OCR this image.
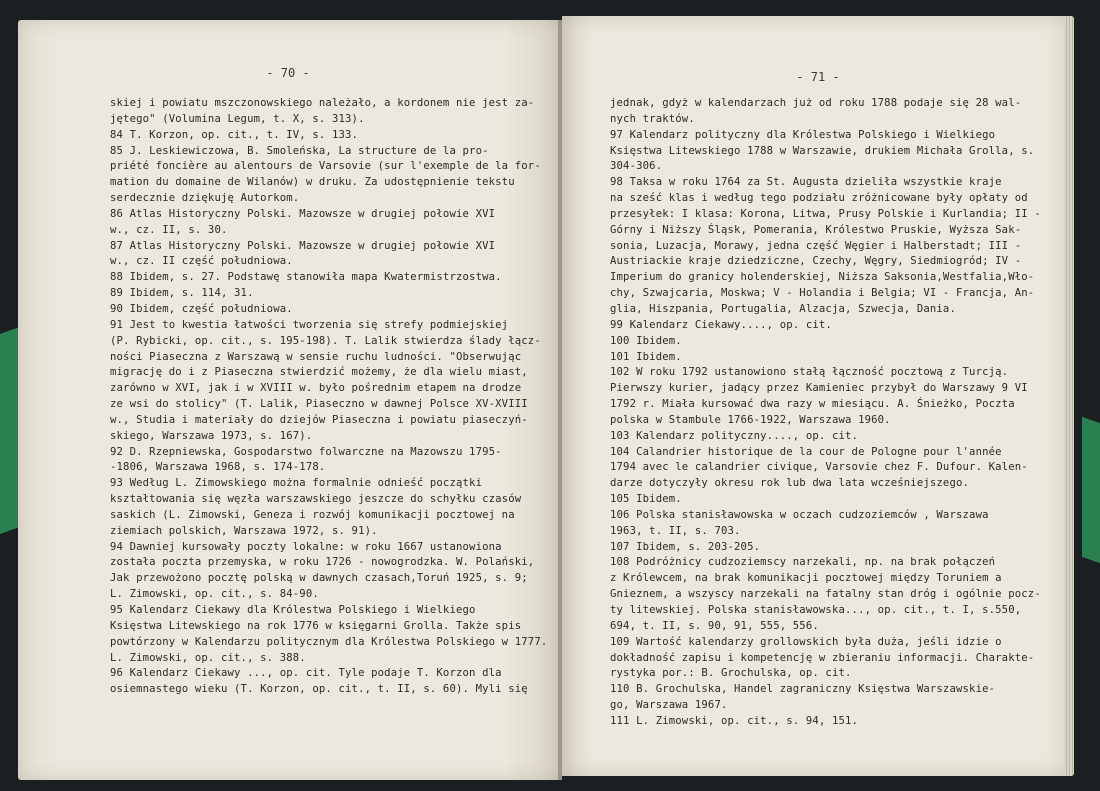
- 70 -
skiej i powiatu mszczonowskiego należało, a kordonem nie jest za-
jętego" (Volumina Legum, t. X, s. 313).
84 T. Korzon, op. cit., t. IV, s. 133.
85 J. Leskiewiczowa, B. Smoleńska, La structure de la pro-
priété foncière au alentours de Varsovie (sur l'exemple de la for-
mation du domaine de Wilanów) w druku. Za udostępnienie tekstu
serdecznie dziękuję Autorkom.
86 Atlas Historyczny Polski. Mazowsze w drugiej połowie XVI
w., cz. II, s. 30.
87 Atlas Historyczny Polski. Mazowsze w drugiej połowie XVI
w., cz. II część południowa.
88 Ibidem, s. 27. Podstawę stanowiła mapa Kwatermistrzostwa.
89 Ibidem, s. 114, 31.
90 Ibidem, część południowa.
91 Jest to kwestia łatwości tworzenia się strefy podmiejskiej
(P. Rybicki, op. cit., s. 195-198). T. Lalik stwierdza ślady łącz-
ności Piaseczna z Warszawą w sensie ruchu ludności. "Obserwując
migrację do i z Piaseczna stwierdzić możemy, że dla wielu miast,
zarówno w XVI, jak i w XVIII w. było pośrednim etapem na drodze
ze wsi do stolicy" (T. Lalik, Piaseczno w dawnej Polsce XV-XVIII
w., Studia i materiały do dziejów Piaseczna i powiatu piaseczyń-
skiego, Warszawa 1973, s. 167).
92 D. Rzepniewska, Gospodarstwo folwarczne na Mazowszu 1795-
-1806, Warszawa 1968, s. 174-178.
93 Według L. Zimowskiego można formalnie odnieść początki
kształtowania się węzła warszawskiego jeszcze do schyłku czasów
saskich (L. Zimowski, Geneza i rozwój komunikacji pocztowej na
ziemiach polskich, Warszawa 1972, s. 91).
94 Dawniej kursowały poczty lokalne: w roku 1667 ustanowiona
została poczta przemyska, w roku 1726 - nowogrodzka. W. Polański,
Jak przewożono pocztę polską w dawnych czasach,Toruń 1925, s. 9;
L. Zimowski, op. cit., s. 84-90.
95 Kalendarz Ciekawy dla Królestwa Polskiego i Wielkiego
Księstwa Litewskiego na rok 1776 w księgarni Grolla. Także spis
powtórzony w Kalendarzu politycznym dla Królestwa Polskiego w 1777.
L. Zimowski, op. cit., s. 388.
96 Kalendarz Ciekawy ..., op. cit. Tyle podaje T. Korzon dla
osiemnastego wieku (T. Korzon, op. cit., t. II, s. 60). Myli się
- 71 -
jednak, gdyż w kalendarzach już od roku 1788 podaje się 28 wal-
nych traktów.
97 Kalendarz polityczny dla Królestwa Polskiego i Wielkiego
Księstwa Litewskiego 1788 w Warszawie, drukiem Michała Grolla, s.
304-306.
98 Taksa w roku 1764 za St. Augusta dzieliła wszystkie kraje
na sześć klas i według tego podziału zróżnicowane były opłaty od
przesyłek: I klasa: Korona, Litwa, Prusy Polskie i Kurlandia; II -
Górny i Niższy Śląsk, Pomerania, Królestwo Pruskie, Wyższa Sak-
sonia, Luzacja, Morawy, jedna część Węgier i Halberstadt; III -
Austriackie kraje dziedziczne, Czechy, Węgry, Siedmiogród; IV -
Imperium do granicy holenderskiej, Niższa Saksonia,Westfalia,Wło-
chy, Szwajcaria, Moskwa; V - Holandia i Belgia; VI - Francja, An-
glia, Hiszpania, Portugalia, Alzacja, Szwecja, Dania.
99 Kalendarz Ciekawy...., op. cit.
100 Ibidem.
101 Ibidem.
102 W roku 1792 ustanowiono stałą łączność pocztową z Turcją.
Pierwszy kurier, jadący przez Kamieniec przybył do Warszawy 9 VI
1792 r. Miała kursować dwa razy w miesiącu. A. Śnieżko, Poczta
polska w Stambule 1766-1922, Warszawa 1960.
103 Kalendarz polityczny...., op. cit.
104 Calandrier historique de la cour de Pologne pour l'année
1794 avec le calandrier civique, Varsovie chez F. Dufour. Kalen-
darze dotyczyły okresu rok lub dwa lata wcześniejszego.
105 Ibidem.
106 Polska stanisławowska w oczach cudzoziemców , Warszawa
1963, t. II, s. 703.
107 Ibidem, s. 203-205.
108 Podróżnicy cudzoziemscy narzekali, np. na brak połączeń
z Królewcem, na brak komunikacji pocztowej między Toruniem a
Gnieznem, a wszyscy narzekali na fatalny stan dróg i ogólnie pocz-
ty litewskiej. Polska stanisławowska..., op. cit., t. I, s.550,
694, t. II, s. 90, 91, 555, 556.
109 Wartość kalendarzy grollowskich była duża, jeśli idzie o
dokładność zapisu i kompetencję w zbieraniu informacji. Charakte-
rystyka por.: B. Grochulska, op. cit.
110 B. Grochulska, Handel zagraniczny Księstwa Warszawskie-
go, Warszawa 1967.
111 L. Zimowski, op. cit., s. 94, 151.
